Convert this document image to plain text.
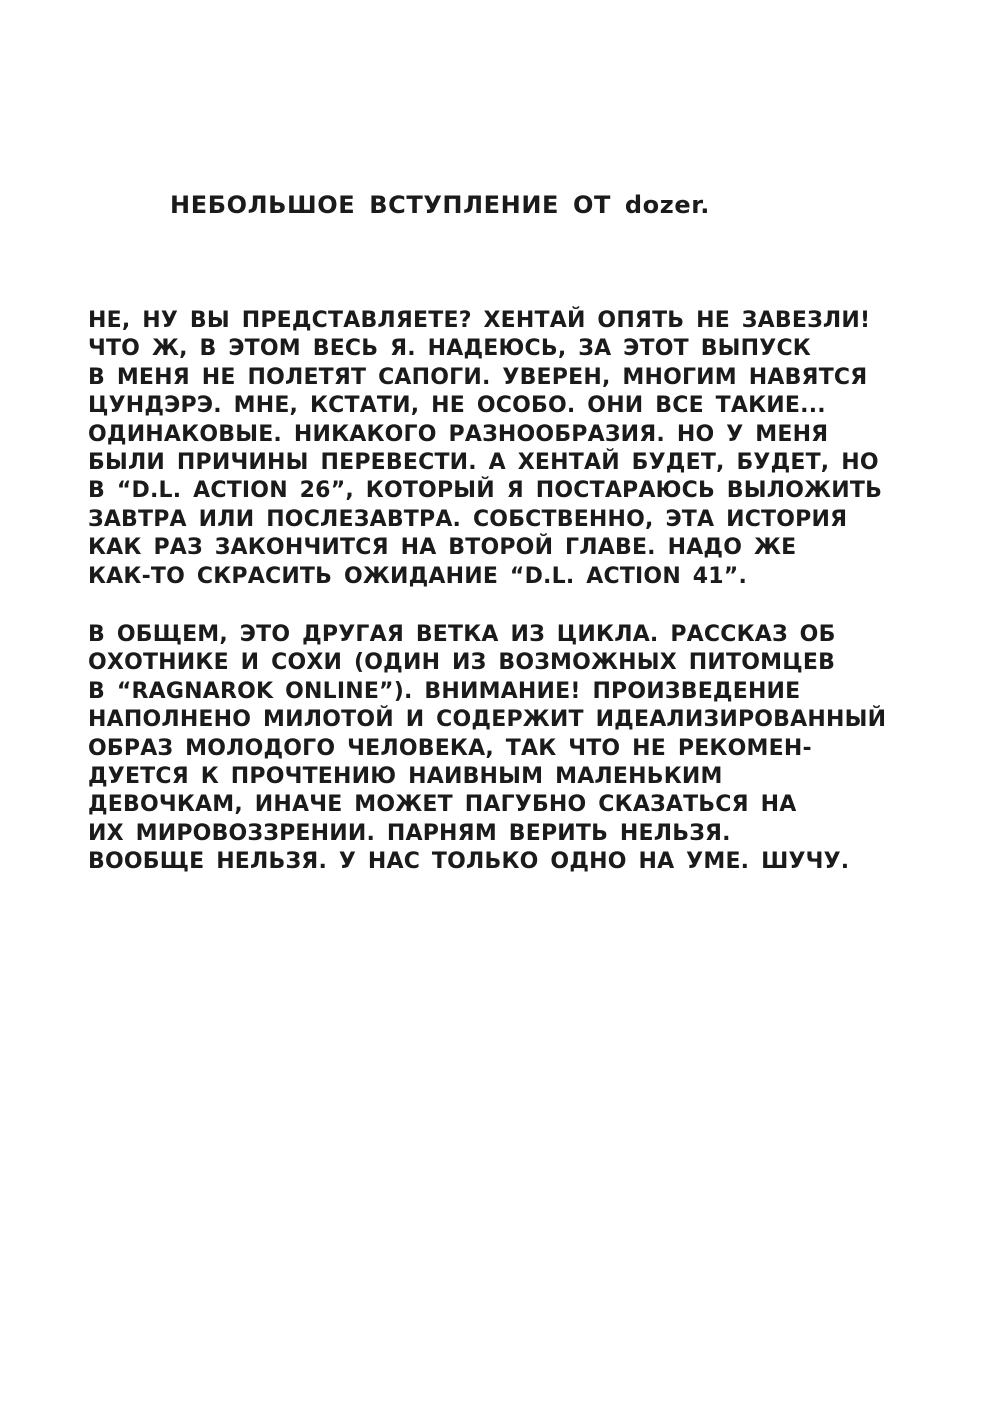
НЕБОЛЬШОЕ ВСТУПЛЕНИЕ ОТ dozer.
НЕ, НУ ВЫ ПРЕДСТАВЛЯЕТЕ? ХЕНТАЙ ОПЯТЬ НЕ ЗАВЕЗЛИ!
ЧТО Ж, В ЭТОМ ВЕСЬ Я. НАДЕЮСЬ, ЗА ЭТОТ ВЫПУСК
В МЕНЯ НЕ ПОЛЕТЯТ САПОГИ. УВЕРЕН, МНОГИМ НАВЯТСЯ
ЦУНДЭРЭ. МНЕ, КСТАТИ, НЕ ОСОБО. ОНИ ВСЕ ТАКИЕ...
ОДИНАКОВЫЕ. НИКАКОГО РАЗНООБРАЗИЯ. НО У МЕНЯ
БЫЛИ ПРИЧИНЫ ПЕРЕВЕСТИ. А ХЕНТАЙ БУДЕТ, БУДЕТ, НО
В “D.L. ACTION 26”, КОТОРЫЙ Я ПОСТАРАЮСЬ ВЫЛОЖИТЬ
ЗАВТРА ИЛИ ПОСЛЕЗАВТРА. СОБСТВЕННО, ЭТА ИСТОРИЯ
КАК РАЗ ЗАКОНЧИТСЯ НА ВТОРОЙ ГЛАВЕ. НАДО ЖЕ
КАК-ТО СКРАСИТЬ ОЖИДАНИЕ “D.L. ACTION 41”.
В ОБЩЕМ, ЭТО ДРУГАЯ ВЕТКА ИЗ ЦИКЛА. РАССКАЗ ОБ
ОХОТНИКЕ И СОХИ (ОДИН ИЗ ВОЗМОЖНЫХ ПИТОМЦЕВ
В “RAGNAROK ONLINE”). ВНИМАНИЕ! ПРОИЗВЕДЕНИЕ
НАПОЛНЕНО МИЛОТОЙ И СОДЕРЖИТ ИДЕАЛИЗИРОВАННЫЙ
ОБРАЗ МОЛОДОГО ЧЕЛОВЕКА, ТАК ЧТО НЕ РЕКОМЕН-
ДУЕТСЯ К ПРОЧТЕНИЮ НАИВНЫМ МАЛЕНЬКИМ
ДЕВОЧКАМ, ИНАЧЕ МОЖЕТ ПАГУБНО СКАЗАТЬСЯ НА
ИХ МИРОВОЗЗРЕНИИ. ПАРНЯМ ВЕРИТЬ НЕЛЬЗЯ.
ВООБЩЕ НЕЛЬЗЯ. У НАС ТОЛЬКО ОДНО НА УМЕ. ШУЧУ.
